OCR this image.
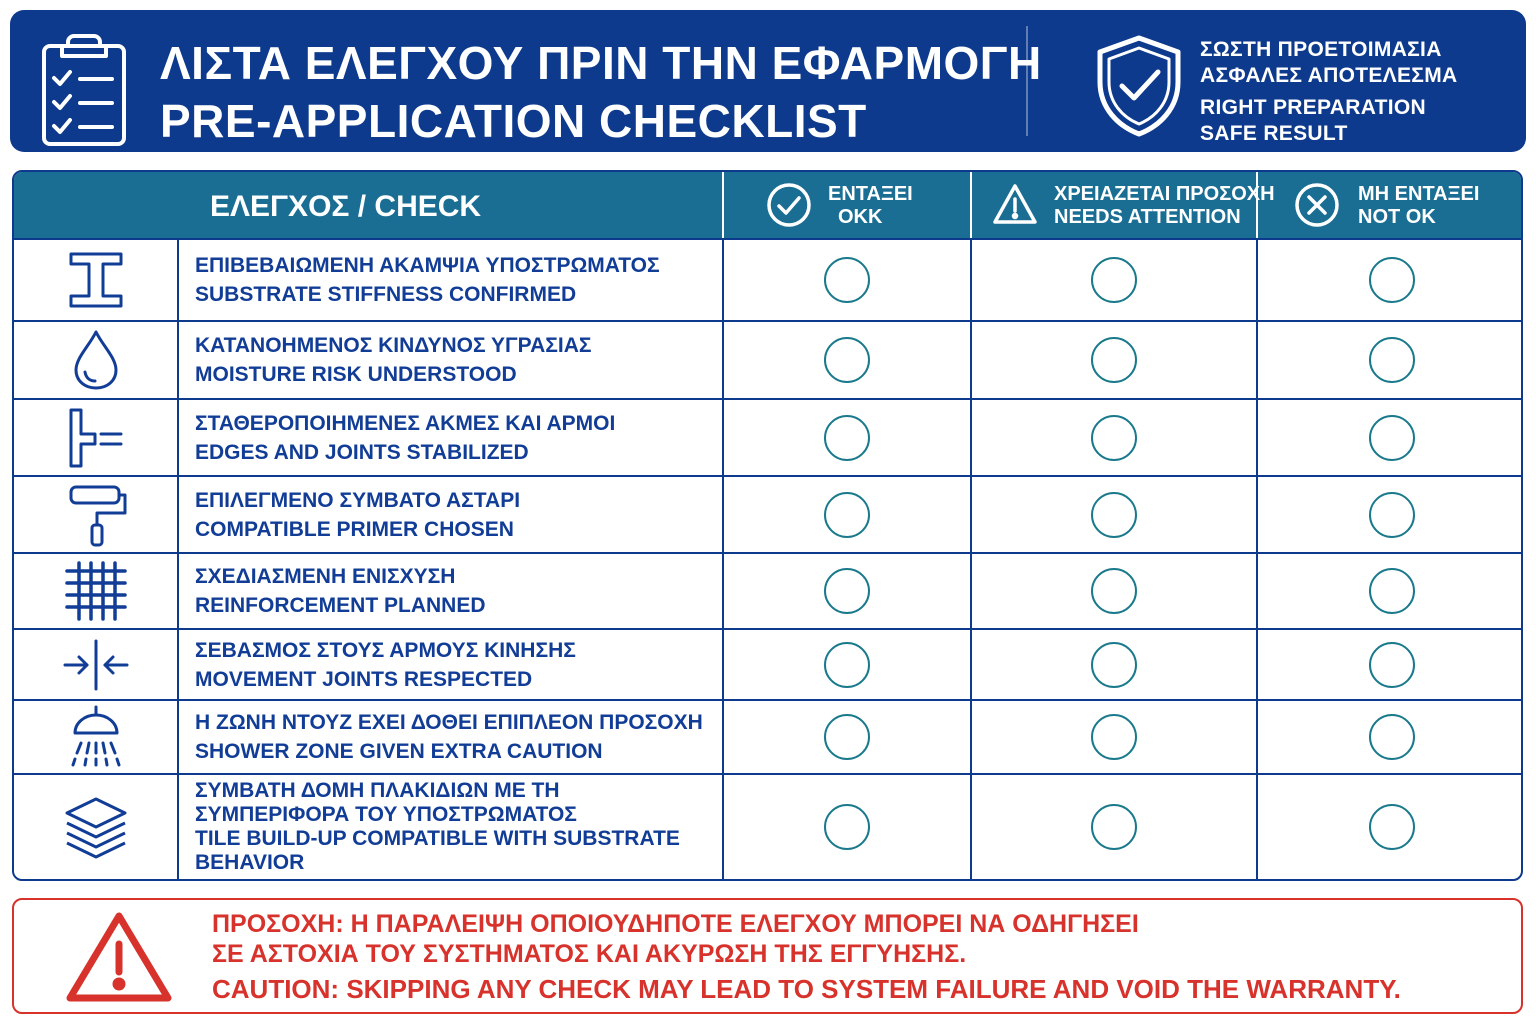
ΛΙΣΤΑ ΕΛΕΓΧΟΥ ΠΡΙΝ ΤΗΝ ΕΦΑΡΜΟΓΗ
PRE-APPLICATION CHECKLIST
ΣΩΣΤΗ ΠΡΟΕΤΟΙΜΑΣΙΑ
ΑΣΦΑΛΕΣ ΑΠΟΤΕΛΕΣΜΑ
RIGHT PREPARATION
SAFE RESULT
ΕΛΕΓΧΟΣ / CHECK	ΕΝΤΑΞΕΙ
OKK
ΧΡΕΙΑΖΕΤΑΙ ΠΡΟΣΟΧΗ
NEEDS ATTENTION
ΜΗ ΕΝΤΑΞΕΙ
NOT OK
ΕΠΙΒΕΒΑΙΩΜΕΝΗ ΑΚΑΜΨΙΑ ΥΠΟΣΤΡΩΜΑΤΟΣ
SUBSTRATE STIFFNESS CONFIRMED
ΚΑΤΑΝΟΗΜΕΝΟΣ ΚΙΝΔΥΝΟΣ ΥΓΡΑΣΙΑΣ
MOISTURE RISK UNDERSTOOD
ΣΤΑΘΕΡΟΠΟΙΗΜΕΝΕΣ ΑΚΜΕΣ ΚΑΙ ΑΡΜΟΙ
EDGES AND JOINTS STABILIZED
ΕΠΙΛΕΓΜΕΝΟ ΣΥΜΒΑΤΟ ΑΣΤΑΡΙ
COMPATIBLE PRIMER CHOSEN
ΣΧΕΔΙΑΣΜΕΝΗ ΕΝΙΣΧΥΣΗ
REINFORCEMENT PLANNED
ΣΕΒΑΣΜΟΣ ΣΤΟΥΣ ΑΡΜΟΥΣ ΚΙΝΗΣΗΣ
MOVEMENT JOINTS RESPECTED
Η ΖΩΝΗ ΝΤΟΥΖ ΕΧΕΙ ΔΟΘΕΙ ΕΠΙΠΛΕΟΝ ΠΡΟΣΟΧΗ
SHOWER ZONE GIVEN EXTRA CAUTION
ΣΥΜΒΑΤΗ ΔΟΜΗ ΠΛΑΚΙΔΙΩΝ ΜΕ ΤΗ ΣΥΜΠΕΡΙΦΟΡΑ ΤΟΥ ΥΠΟΣΤΡΩΜΑΤΟΣ
TILE BUILD-UP COMPATIBLE WITH SUBSTRATE BEHAVIOR
ΠΡΟΣΟΧΗ: Η ΠΑΡΑΛΕΙΨΗ ΟΠΟΙΟΥΔΗΠΟΤΕ ΕΛΕΓΧΟΥ ΜΠΟΡΕΙ ΝΑ ΟΔΗΓΗΣΕΙ
ΣΕ ΑΣΤΟΧΙΑ ΤΟΥ ΣΥΣΤΗΜΑΤΟΣ ΚΑΙ ΑΚΥΡΩΣΗ ΤΗΣ ΕΓΓΥΗΣΗΣ.
CAUTION: SKIPPING ANY CHECK MAY LEAD TO SYSTEM FAILURE AND VOID THE WARRANTY.
